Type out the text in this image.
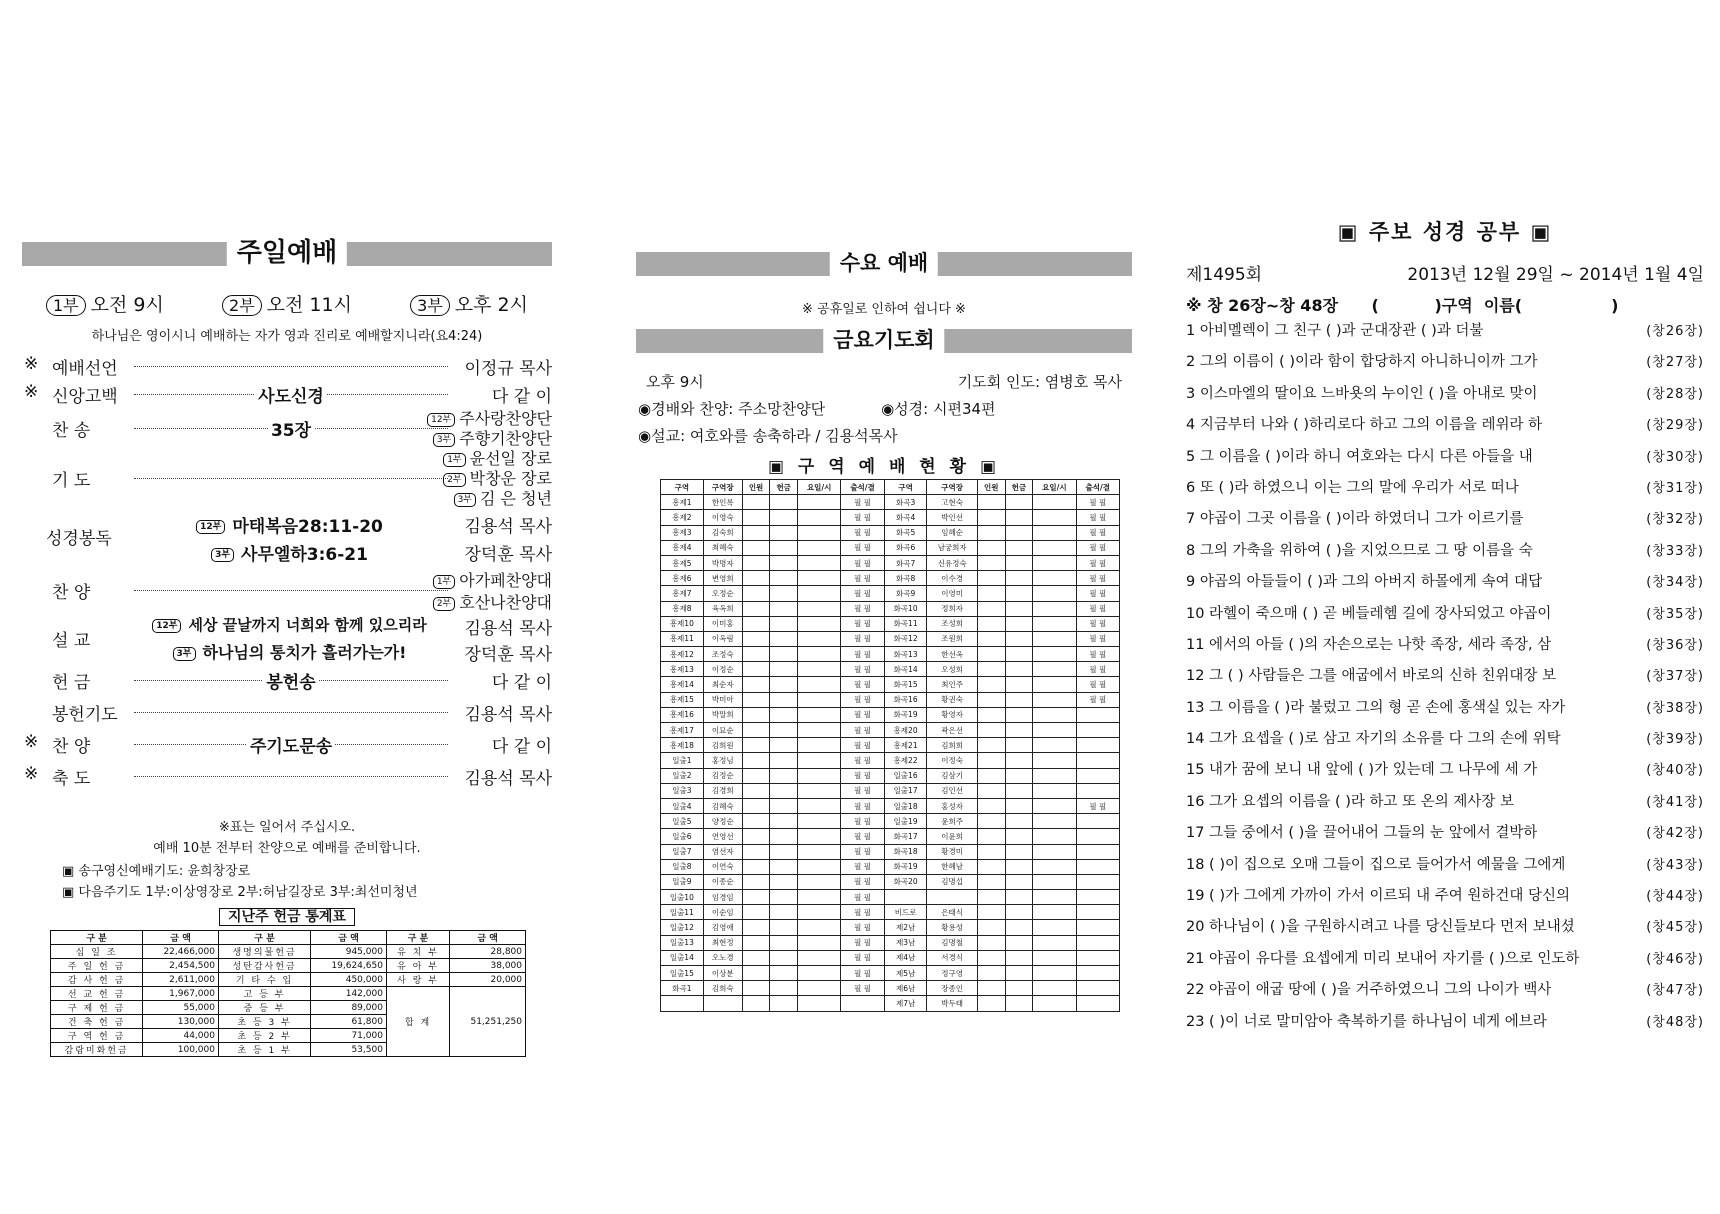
주일예배
1부 오전 9시	2부 오전 11시	3부 오후 2시
하나님은 영이시니 예배하는 자가 영과 진리로 예배할지니라(요4:24)
※ 예배선언	이정규 목사
※ 신앙고백	사도신경	다 같 이
찬 송	35장
12부 주사랑찬양단
3부 주향기찬양단
기 도
1부 윤선일 장로
2부 박창운 장로
3부 김 은 청년
성경봉독
12부 마태복음28:11-20	김용석 목사
3부 사무엘하3:6-21	장덕훈 목사
찬 양
1부 아가페찬양대
2부 호산나찬양대
설 교
12부 세상 끝날까지 너희와 함께 있으리라	김용석 목사
3부 하나님의 통치가 흘러가는가!	장덕훈 목사
헌 금	봉헌송	다 같 이
봉헌기도	김용석 목사
※ 찬 양	주기도문송	다 같 이
※ 축 도	김용석 목사
※표는 일어서 주십시오.
예배 10분 전부터 찬양으로 예배를 준비합니다.
▣ 송구영신예배기도: 윤희창장로
▣ 다음주기도 1부:이상영장로 2부:허남길장로 3부:최선미청년
지난주 헌금 통계표
구 분	금 액	구 분	금 액	구 분	금 액
십 일 조	22,466,000	생명의물헌금	945,000	유 치 부	28,800
주 일 헌 금	2,454,500	성탄감사헌금	19,624,650	유 아 부	38,000
감 사 헌 금	2,611,000	기 타 수 입	450,000	사 랑 부	20,000
선 교 헌 금	1,967,000	고 등 부	142,000	합 계	51,251,250
구 제 헌 금	55,000	중 등 부	89,000		
건 축 헌 금	130,000	초 등 3 부	61,800		
구 역 헌 금	44,000	초 등 2 부	71,000		
감람미화헌금	100,000	초 등 1 부	53,500		
수요 예배
※ 공휴일로 인하여 쉽니다 ※
금요기도회
오후 9시	기도회 인도: 염병호 목사
◉경배와 찬양: 주소망찬양단	◉성경: 시편34편
◉설교: 여호와를 송축하라 / 김용석목사
▣ 구 역 예 배 현 황 ▣
구역	구역장	인원	헌금	요일/시	출석/결	구역	구역장	인원	헌금	요일/시	출석/결
흥제1	한인록				필 필	화곡3	고현숙				필 필
흥제2	이영숙				필 필	화곡4	박인선				필 필
흥제3	김숙희				필 필	화곡5	임혜순				필 필
흥제4	최혜숙				필 필	화곡6	남궁희자				필 필
흥제5	박명자				필 필	화곡7	신유정숙				필 필
흥제6	변영희				필 필	화곡8	이수경				필 필
흥제7	오정순				필 필	화곡9	이영미				필 필
흥제8	육옥희				필 필	화곡10	정희자				필 필
흥제10	이미홍				필 필	화곡11	조성희				필 필
흥제11	이옥림				필 필	화곡12	조원희				필 필
흥제12	조정숙				필 필	화곡13	한선옥				필 필
흥제13	이정순				필 필	화곡14	오성희				필 필
흥제14	최순자				필 필	화곡15	최인주				필 필
흥제15	박미아				필 필	화곡16	황권숙				필 필
흥제16	박말희				필 필	화곡19	황영자				
흥제17	이묘순				필 필	흥제20	곽은선				
흥제18	김희원				필 필	흥제21	김희희				
일출1	홍정님				필 필	흥제22	이정숙				
일출2	김정순				필 필	일출16	김삼기				
일출3	김경희				필 필	일출17	김인선				
일출4	김혜숙				필 필	일출18	홍성자				필 필
일출5	양정순				필 필	일출19	윤희주				
일출6	연영선				필 필	화곡17	이윤희				
일출7	염선자				필 필	화곡18	황경미				
일출8	이연숙				필 필	화곡19	한혜남				
일출9	이종순				필 필	화곡20	김명섭				
일출10	임경임				필 필						
일출11	이순임				필 필	비드로	은태식				
일출12	김영애				필 필	제2남	황용성				
일출13	최현정				필 필	제3남	김명철				
일출14	오노경				필 필	제4남	서경식				
일출15	이상분				필 필	제5남	정구영				
화곡1	김희숙				필 필	제6남	장종인				
						제7남	박두태				
▣ 주보 성경 공부 ▣
제1495회	2013년 12월 29일 ~ 2014년 1월 4일
※ 창 26장~창 48장      (          )구역  이름(                )
1 아비멜렉이 그 친구 ( )과 군대장관 ( )과 더불	(창26장)
2 그의 이름이 ( )이라 함이 합당하지 아니하니이까 그가	(창27장)
3 이스마엘의 딸이요 느바욧의 누이인 ( )을 아내로 맞이	(창28장)
4 지금부터 나와 ( )하리로다 하고 그의 이름을 레위라 하	(창29장)
5 그 이름을 ( )이라 하니 여호와는 다시 다른 아들을 내	(창30장)
6 또 ( )라 하였으니 이는 그의 말에 우리가 서로 떠나	(창31장)
7 야곱이 그곳 이름을 ( )이라 하였더니 그가 이르기를	(창32장)
8 그의 가축을 위하여 ( )을 지었으므로 그 땅 이름을 숙	(창33장)
9 야곱의 아들들이 ( )과 그의 아버지 하몰에게 속여 대답	(창34장)
10 라헬이 죽으매 ( ) 곧 베들레헴 길에 장사되었고 야곱이	(창35장)
11 에서의 아들 ( )의 자손으로는 나핫 족장, 세라 족장, 삼	(창36장)
12 그 ( ) 사람들은 그를 애굽에서 바로의 신하 친위대장 보	(창37장)
13 그 이름을 ( )라 불렀고 그의 형 곧 손에 홍색실 있는 자가	(창38장)
14 그가 요셉을 ( )로 삼고 자기의 소유를 다 그의 손에 위탁	(창39장)
15 내가 꿈에 보니 내 앞에 ( )가 있는데 그 나무에 세 가	(창40장)
16 그가 요셉의 이름을 ( )라 하고 또 온의 제사장 보	(창41장)
17 그들 중에서 ( )을 끌어내어 그들의 눈 앞에서 결박하	(창42장)
18 ( )이 집으로 오매 그들이 집으로 들어가서 예물을 그에게	(창43장)
19 ( )가 그에게 가까이 가서 이르되 내 주여 원하건대 당신의	(창44장)
20 하나님이 ( )을 구원하시려고 나를 당신들보다 먼저 보내셨	(창45장)
21 야곱이 유다를 요셉에게 미리 보내어 자기를 ( )으로 인도하	(창46장)
22 야곱이 애굽 땅에 ( )을 거주하였으니 그의 나이가 백사	(창47장)
23 ( )이 너로 말미암아 축복하기를 하나님이 네게 에브라	(창48장)
